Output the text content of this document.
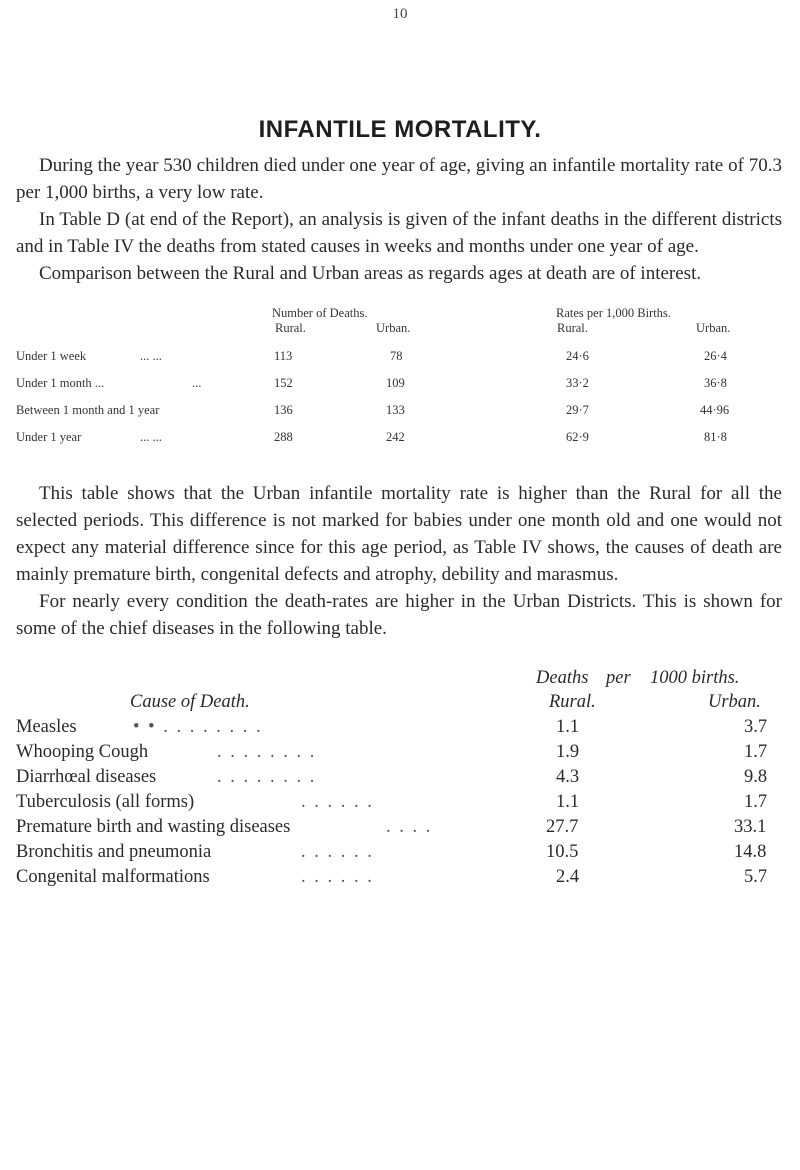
10
INFANTILE MORTALITY.

During the year 530 children died under one year of age, giving an infantile mortality rate of 70.3 per 1,000 births, a very low rate.

In Table D (at end of the Report), an analysis is given of the infant deaths in the different districts and in Table IV the deaths from stated causes in weeks and months under one year of age.

Comparison between the Rural and Urban areas as regards ages at death are of interest.

Number of Deaths.	Rates per 1,000 Births.
Rural.	Urban.	Rural.	Urban.
Under 1 week	... ...	113	78	24·6	26·4
Under 1 month ...	...	152	109	33·2	36·8
Between 1 month and 1 year	136	133	29·7	44·96
Under 1 year	... ...	288	242	62·9	81·8

This table shows that the Urban infantile mortality rate is higher than the Rural for all the selected periods. This difference is not marked for babies under one month old and one would not expect any material difference since for this age period, as Table IV shows, the causes of death are mainly premature birth, congenital defects and atrophy, debility and marasmus.

For nearly every condition the death-rates are higher in the Urban Districts. This is shown for some of the chief diseases in the following table.

Deaths per 1000 births.
Cause of Death.	Rural.	Urban.
Measles	• • . . . . . . . .	1.1	3.7
Whooping Cough	. . . . . . . .	1.9	1.7
Diarrhœal diseases	. . . . . . . .	4.3	9.8
Tuberculosis (all forms)	. . . . . .	1.1	1.7
Premature birth and wasting diseases	. . . .	27.7	33.1
Bronchitis and pneumonia	. . . . . .	10.5	14.8
Congenital malformations	. . . . . .	2.4	5.7
